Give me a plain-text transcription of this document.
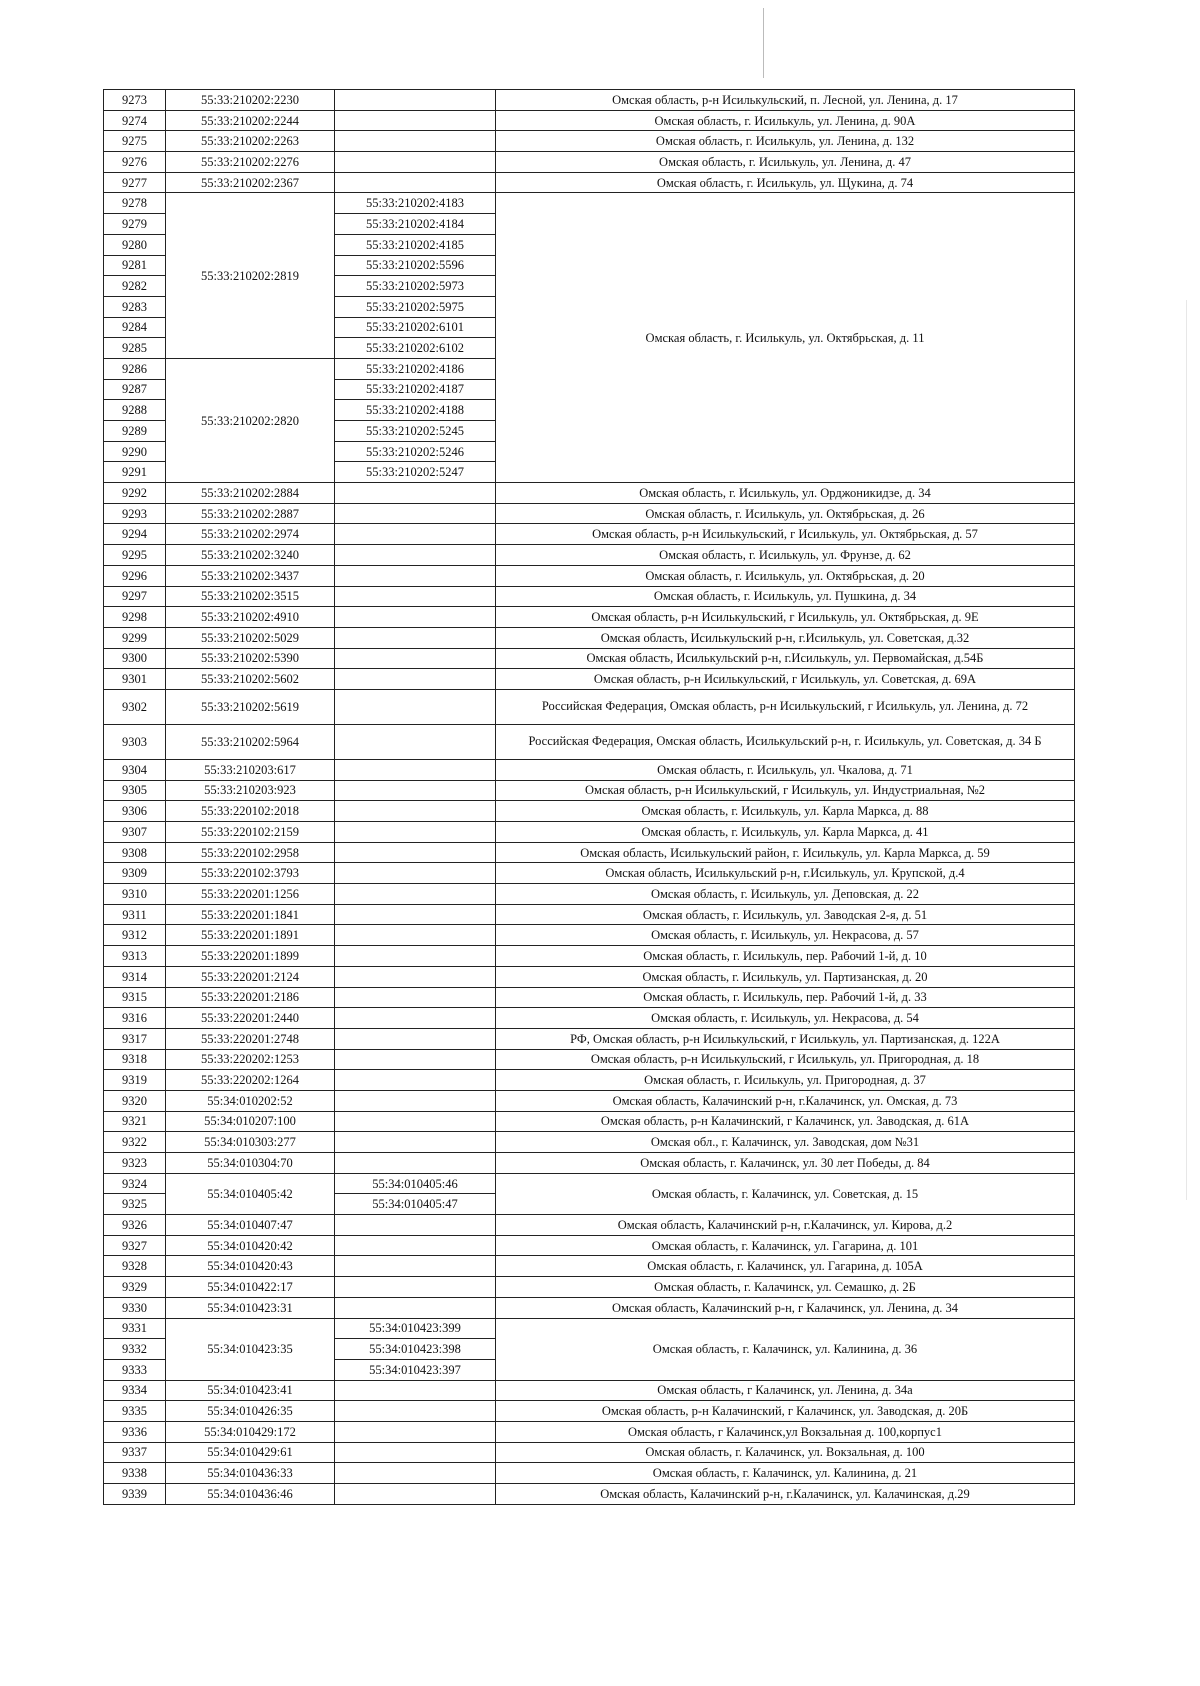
9273	55:33:210202:2230		Омская область, р-н Исилькульский, п. Лесной, ул. Ленина, д. 17
9274	55:33:210202:2244		Омская область, г. Исилькуль, ул. Ленина, д. 90А
9275	55:33:210202:2263		Омская область, г. Исилькуль, ул. Ленина, д. 132
9276	55:33:210202:2276		Омская область, г. Исилькуль, ул. Ленина, д. 47
9277	55:33:210202:2367		Омская область, г. Исилькуль, ул. Щукина, д. 74
9278	55:33:210202:2819	55:33:210202:4183	Омская область, г. Исилькуль, ул. Октябрьская, д. 11
9279		55:33:210202:4184	
9280		55:33:210202:4185	
9281		55:33:210202:5596	
9282		55:33:210202:5973	
9283		55:33:210202:5975	
9284		55:33:210202:6101	
9285		55:33:210202:6102	
9286	55:33:210202:2820	55:33:210202:4186	
9287		55:33:210202:4187	
9288		55:33:210202:4188	
9289		55:33:210202:5245	
9290		55:33:210202:5246	
9291		55:33:210202:5247	
9292	55:33:210202:2884		Омская область, г. Исилькуль, ул. Орджоникидзе, д. 34
9293	55:33:210202:2887		Омская область, г. Исилькуль, ул. Октябрьская, д. 26
9294	55:33:210202:2974		Омская область, р-н Исилькульский, г Исилькуль, ул. Октябрьская, д. 57
9295	55:33:210202:3240		Омская область, г. Исилькуль, ул. Фрунзе, д. 62
9296	55:33:210202:3437		Омская область, г. Исилькуль, ул. Октябрьская, д. 20
9297	55:33:210202:3515		Омская область, г. Исилькуль, ул. Пушкина, д. 34
9298	55:33:210202:4910		Омская область, р-н Исилькульский, г Исилькуль, ул. Октябрьская, д. 9Е
9299	55:33:210202:5029		Омская область, Исилькульский р-н, г.Исилькуль, ул. Советская, д.32
9300	55:33:210202:5390		Омская область, Исилькульский р-н, г.Исилькуль, ул. Первомайская, д.54Б
9301	55:33:210202:5602		Омская область, р-н Исилькульский, г Исилькуль, ул. Советская, д. 69А
9302	55:33:210202:5619		Российская Федерация, Омская область, р-н Исилькульский, г Исилькуль, ул. Ленина, д. 72
9303	55:33:210202:5964		Российская Федерация, Омская область, Исилькульский р-н, г. Исилькуль, ул. Советская, д. 34 Б
9304	55:33:210203:617		Омская область, г. Исилькуль, ул. Чкалова, д. 71
9305	55:33:210203:923		Омская область, р-н Исилькульский, г Исилькуль, ул. Индустриальная, №2
9306	55:33:220102:2018		Омская область, г. Исилькуль, ул. Карла Маркса, д. 88
9307	55:33:220102:2159		Омская область, г. Исилькуль, ул. Карла Маркса, д. 41
9308	55:33:220102:2958		Омская область, Исилькульский район, г. Исилькуль, ул. Карла Маркса, д. 59
9309	55:33:220102:3793		Омская область, Исилькульский р-н, г.Исилькуль, ул. Крупской, д.4
9310	55:33:220201:1256		Омская область, г. Исилькуль, ул. Деповская, д. 22
9311	55:33:220201:1841		Омская область, г. Исилькуль, ул. Заводская 2-я, д. 51
9312	55:33:220201:1891		Омская область, г. Исилькуль, ул. Некрасова, д. 57
9313	55:33:220201:1899		Омская область, г. Исилькуль, пер. Рабочий 1-й, д. 10
9314	55:33:220201:2124		Омская область, г. Исилькуль, ул. Партизанская, д. 20
9315	55:33:220201:2186		Омская область, г. Исилькуль, пер. Рабочий 1-й, д. 33
9316	55:33:220201:2440		Омская область, г. Исилькуль, ул. Некрасова, д. 54
9317	55:33:220201:2748		РФ, Омская область, р-н Исилькульский, г Исилькуль, ул. Партизанская, д. 122А
9318	55:33:220202:1253		Омская область, р-н Исилькульский, г Исилькуль, ул. Пригородная, д. 18
9319	55:33:220202:1264		Омская область, г. Исилькуль, ул. Пригородная, д. 37
9320	55:34:010202:52		Омская область, Калачинский р-н, г.Калачинск, ул. Омская, д. 73
9321	55:34:010207:100		Омская область, р-н Калачинский, г Калачинск, ул. Заводская, д. 61А
9322	55:34:010303:277		Омская обл., г. Калачинск, ул. Заводская, дом №31
9323	55:34:010304:70		Омская область, г. Калачинск, ул. 30 лет Победы, д. 84
9324	55:34:010405:42	55:34:010405:46	Омская область, г. Калачинск, ул. Советская, д. 15
9325		55:34:010405:47	
9326	55:34:010407:47		Омская область, Калачинский р-н, г.Калачинск, ул. Кирова, д.2
9327	55:34:010420:42		Омская область, г. Калачинск, ул. Гагарина, д. 101
9328	55:34:010420:43		Омская область, г. Калачинск, ул. Гагарина, д. 105А
9329	55:34:010422:17		Омская область, г. Калачинск, ул. Семашко, д. 2Б
9330	55:34:010423:31		Омская область, Калачинский р-н, г Калачинск, ул. Ленина, д. 34
9331	55:34:010423:35	55:34:010423:399	Омская область, г. Калачинск, ул. Калинина, д. 36
9332		55:34:010423:398	
9333		55:34:010423:397	
9334	55:34:010423:41		Омская область, г Калачинск, ул. Ленина, д. 34а
9335	55:34:010426:35		Омская область, р-н Калачинский, г Калачинск, ул. Заводская, д. 20Б
9336	55:34:010429:172		Омская область, г Калачинск,ул Вокзальная д. 100,корпус1
9337	55:34:010429:61		Омская область, г. Калачинск, ул. Вокзальная, д. 100
9338	55:34:010436:33		Омская область, г. Калачинск, ул. Калинина, д. 21
9339	55:34:010436:46		Омская область, Калачинский р-н, г.Калачинск, ул. Калачинская, д.29
